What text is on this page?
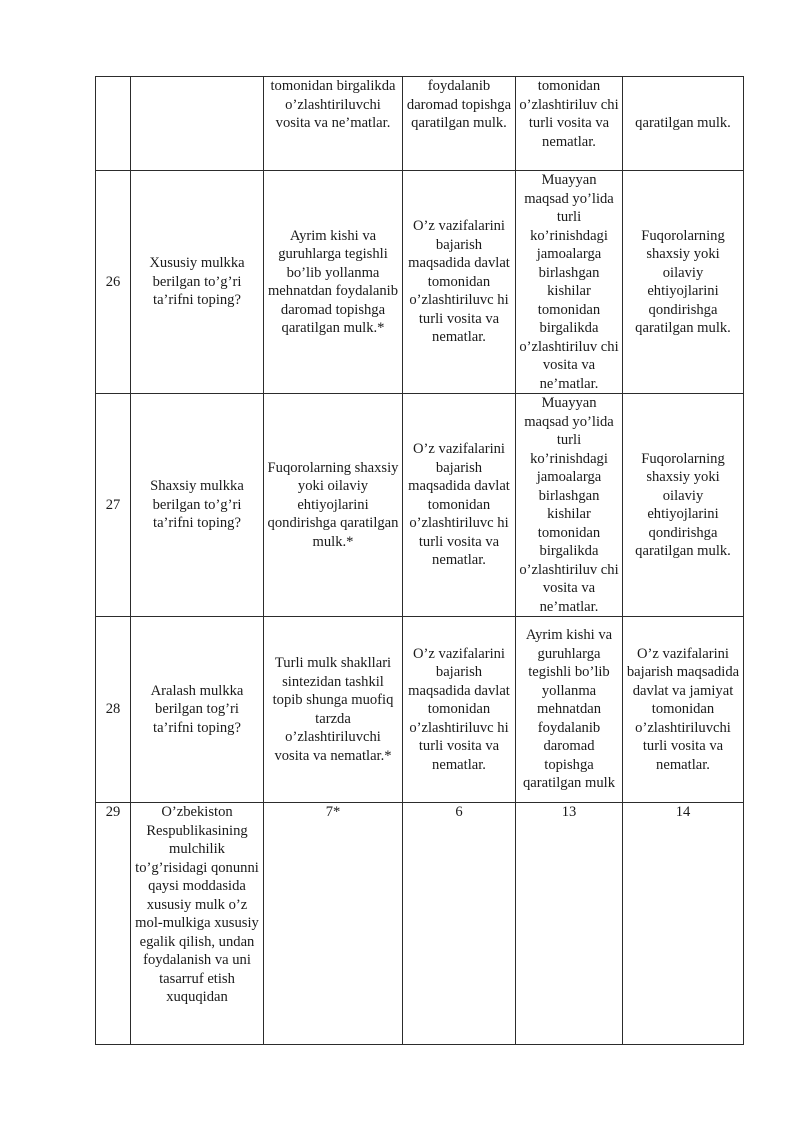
		tomonidan birgalikda o’zlashtiriluvchi vosita va ne’matlar.	foydalanib daromad topishga qaratilgan mulk.	tomonidan o’zlashtiriluv chi turli vosita va nematlar.	qaratilgan mulk.
26	Xususiy mulkka berilgan to’g’ri ta’rifni toping?	Ayrim kishi va guruhlarga tegishli bo’lib yollanma mehnatdan foydalanib daromad topishga qaratilgan mulk.*	O’z vazifalarini bajarish maqsadida davlat tomonidan o’zlashtiriluvc hi turli vosita va nematlar.	Muayyan maqsad yo’lida turli ko’rinishdagi jamoalarga birlashgan kishilar tomonidan birgalikda o’zlashtiriluv chi vosita va ne’matlar.	Fuqorolarning shaxsiy yoki oilaviy ehtiyojlarini qondirishga qaratilgan mulk.
27	Shaxsiy mulkka berilgan to’g’ri ta’rifni toping?	Fuqorolarning shaxsiy yoki oilaviy ehtiyojlarini qondirishga qaratilgan mulk.*	O’z vazifalarini bajarish maqsadida davlat tomonidan o’zlashtiriluvc hi turli vosita va nematlar.	Muayyan maqsad yo’lida turli ko’rinishdagi jamoalarga birlashgan kishilar tomonidan birgalikda o’zlashtiriluv chi vosita va ne’matlar.	Fuqorolarning shaxsiy yoki oilaviy ehtiyojlarini qondirishga qaratilgan mulk.
28	Aralash mulkka berilgan tog’ri ta’rifni toping?	Turli mulk shakllari sintezidan tashkil topib shunga muofiq tarzda o’zlashtiriluvchi vosita va nematlar.*	O’z vazifalarini bajarish maqsadida davlat tomonidan o’zlashtiriluvc hi turli vosita va nematlar.	Ayrim kishi va guruhlarga tegishli bo’lib yollanma mehnatdan foydalanib daromad topishga qaratilgan mulk	O’z vazifalarini bajarish maqsadida davlat va jamiyat tomonidan o’zlashtiriluvchi turli vosita va nematlar.
29	O’zbekiston Respublikasining mulchilik to’g’risidagi qonunni qaysi moddasida xususiy mulk o’z mol-mulkiga xususiy egalik qilish, undan foydalanish va uni tasarruf etish xuquqidan	7*	6	13	14
